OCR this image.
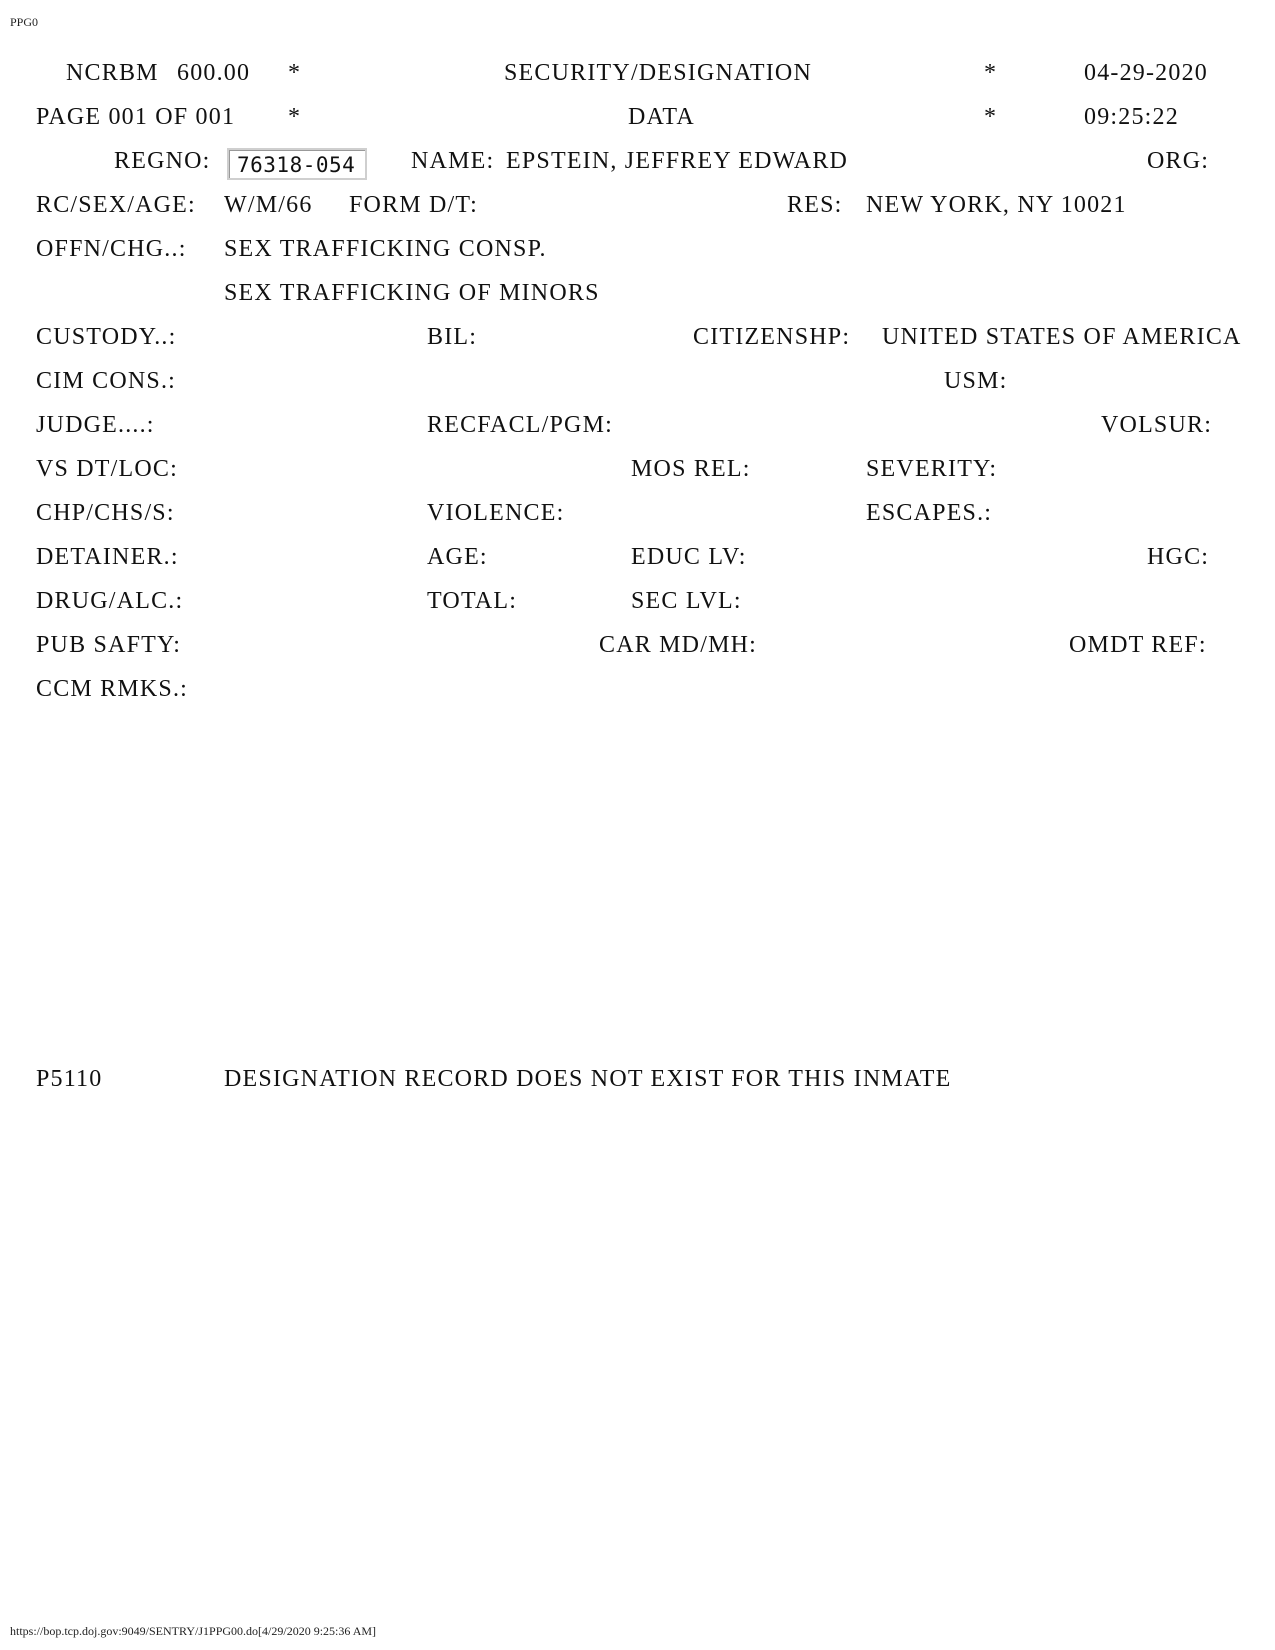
PPG0
NCRBM 600.00 *	SECURITY/DESIGNATION	*	04-29-2020
PAGE 001 OF 001 *	DATA	*	09:25:22
REGNO:	76318-054	NAME: EPSTEIN, JEFFREY EDWARD	ORG:
RC/SEX/AGE: W/M/66 FORM D/T:	RES: NEW YORK, NY 10021
OFFN/CHG..: SEX TRAFFICKING CONSP.
SEX TRAFFICKING OF MINORS
CUSTODY..:	BIL:	CITIZENSHP: UNITED STATES OF AMERICA
CIM CONS.:	USM:
JUDGE....:	RECFACL/PGM:	VOLSUR:
VS DT/LOC:	MOS REL:	SEVERITY:
CHP/CHS/S:	VIOLENCE:	ESCAPES.:
DETAINER.:	AGE:	EDUC LV:	HGC:
DRUG/ALC.:	TOTAL:	SEC LVL:
PUB SAFTY:	CAR MD/MH:	OMDT REF:
CCM RMKS.:
P5110	DESIGNATION RECORD DOES NOT EXIST FOR THIS INMATE
https://bop.tcp.doj.gov:9049/SENTRY/J1PPG00.do[4/29/2020 9:25:36 AM]
